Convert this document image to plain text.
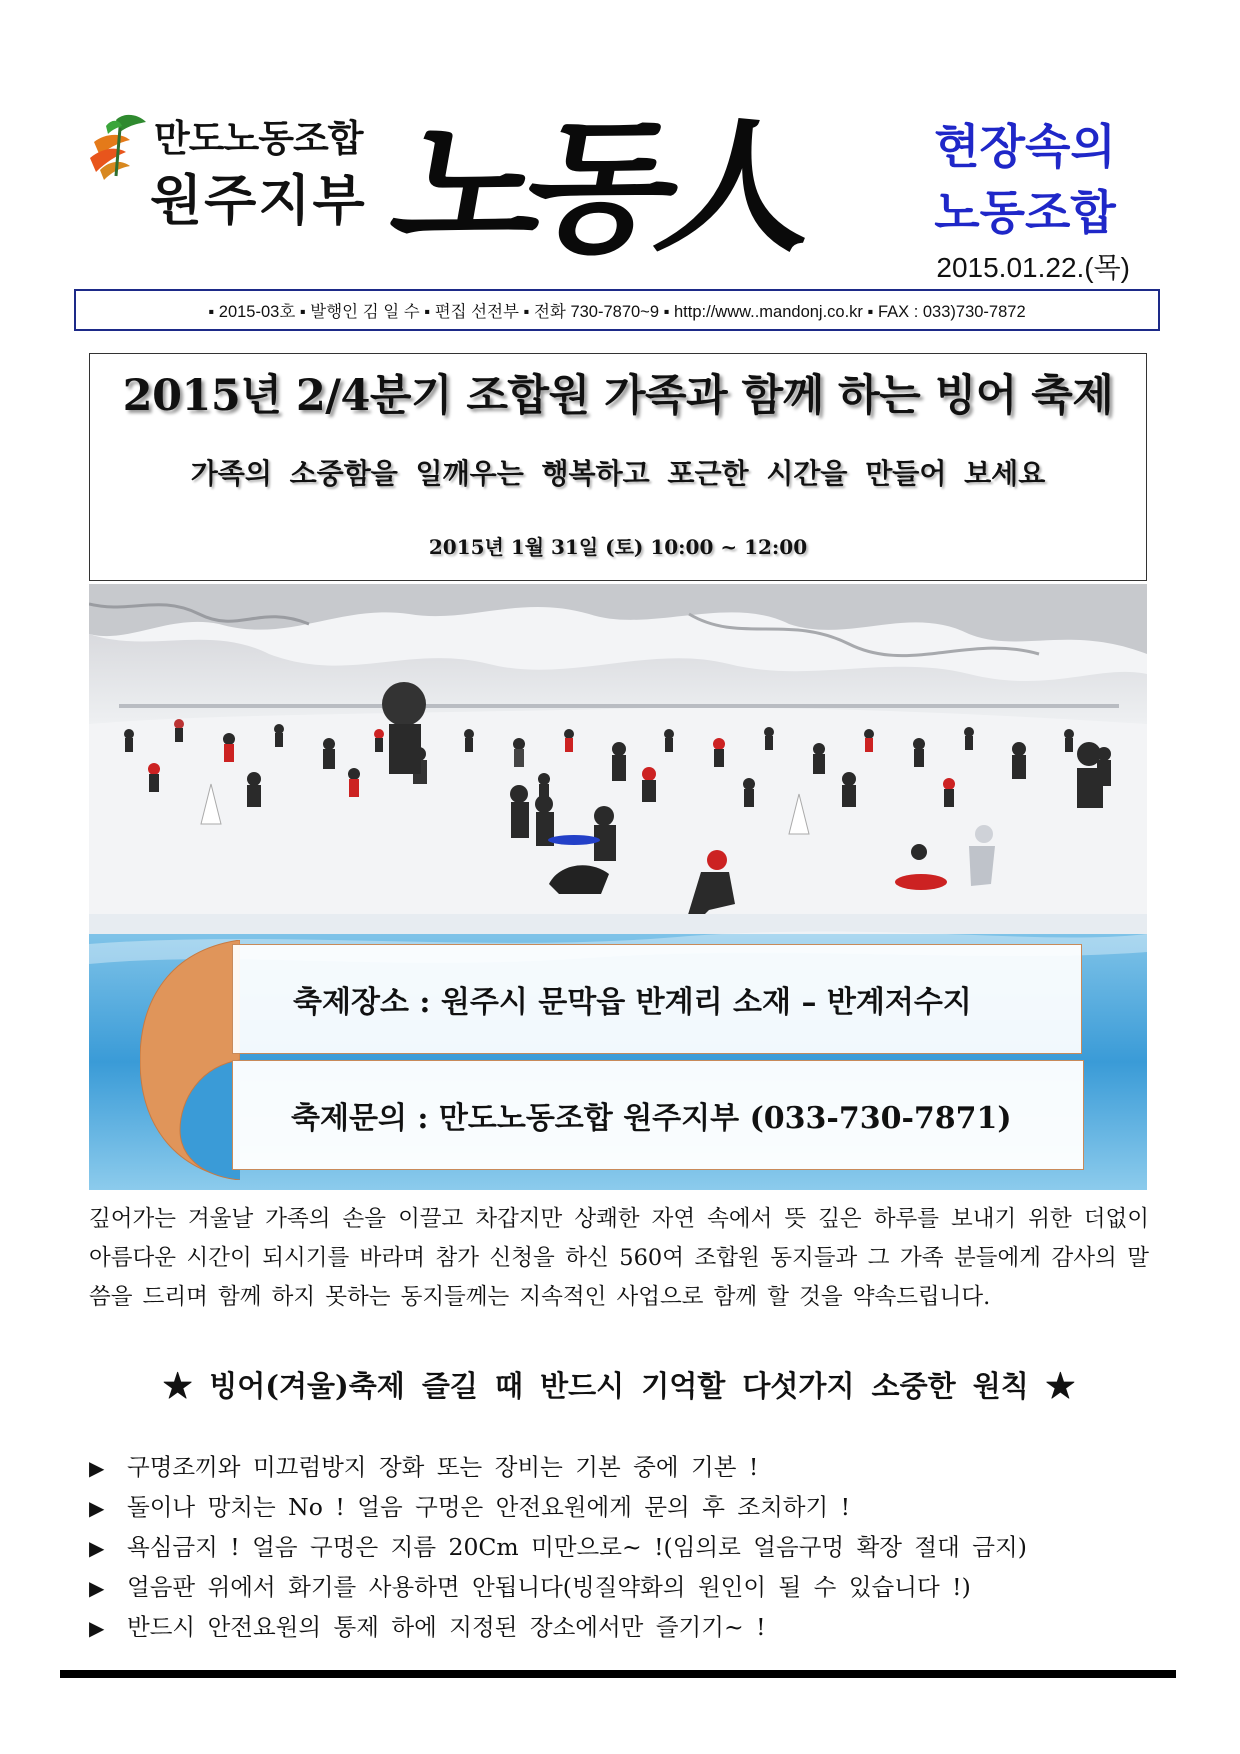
만도노동조합
원주지부 노동人	현장속의
노동조합
2015.01.22.(목)
▪ 2015-03호 ▪ 발행인 김 일 수 ▪ 편집 선전부 ▪ 전화 730-7870~9 ▪ http://www..mandonj.co.kr ▪ FAX : 033)730-7872
2015년 2/4분기 조합원 가족과 함께 하는 빙어 축제
가족의 소중함을 일깨우는 행복하고 포근한 시간을 만들어 보세요
2015년 1월 31일 (토) 10:00 ~ 12:00
축제장소 : 원주시 문막읍 반계리 소재 – 반계저수지
축제문의 : 만도노동조합 원주지부 (033-730-7871)
깊어가는 겨울날 가족의 손을 이끌고 차갑지만 상쾌한 자연 속에서 뜻 깊은 하루를 보내기 위한 더없이 아름다운 시간이 되시기를 바라며 참가 신청을 하신 560여 조합원 동지들과 그 가족 분들에게 감사의 말씀을 드리며 함께 하지 못하는 동지들께는 지속적인 사업으로 함께 할 것을 약속드립니다.
★ 빙어(겨울)축제 즐길 때 반드시 기억할 다섯가지 소중한 원칙 ★
▶ 구명조끼와 미끄럼방지 장화 또는 장비는 기본 중에 기본 !
▶ 돌이나 망치는 No ! 얼음 구멍은 안전요원에게 문의 후 조치하기 !
▶ 욕심금지 ! 얼음 구멍은 지름 20Cm 미만으로~ !(임의로 얼음구멍 확장 절대 금지)
▶ 얼음판 위에서 화기를 사용하면 안됩니다(빙질약화의 원인이 될 수 있습니다 !)
▶ 반드시 안전요원의 통제 하에 지정된 장소에서만 즐기기~ !
